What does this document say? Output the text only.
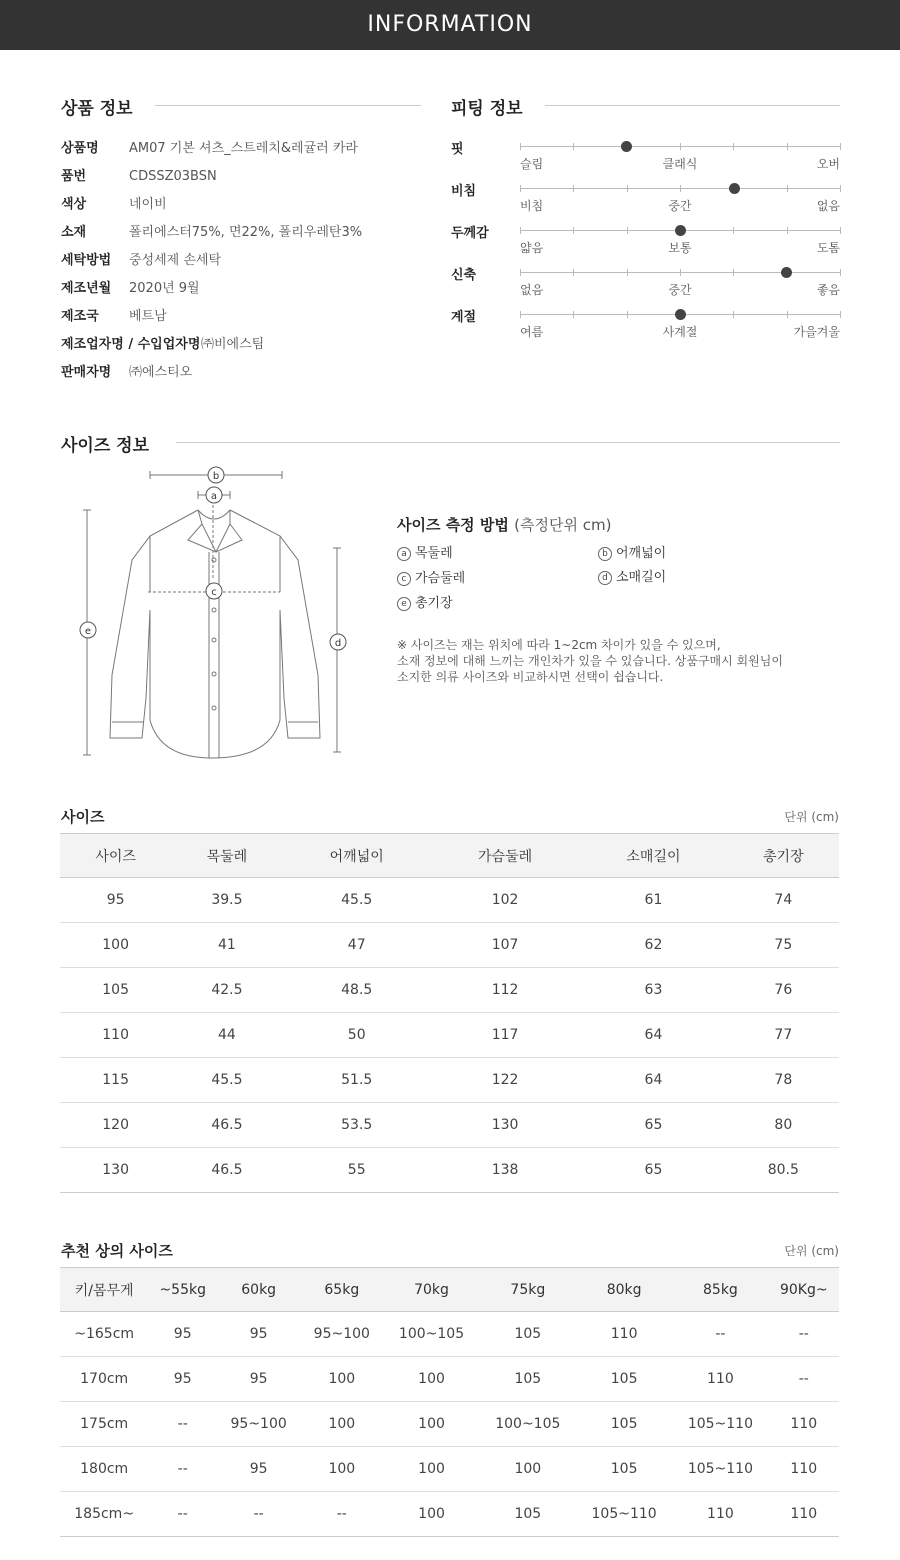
INFORMATION
상품 정보
상품명 AM07 기본 셔츠_스트레치&레귤러 카라
품번	CDSSZ03BSN
색상	네이비
소재	폴리에스터75%, 면22%, 폴리우레탄3%
세탁방법 중성세제 손세탁
제조년월 2020년 9월
제조국 베트남
제조업자명 / 수입업자명㈜비에스팀
판매자명 ㈜에스티오
피팅 정보
핏
슬림	클래식	오버
비침
비침	중간	없음
두께감
얇음	보통	도톰
신축
없음	중간	좋음
계절
여름	사계절	가을겨울
사이즈 정보
b
a
c
e
d
사이즈 측정 방법 (측정단위 cm)
a 목둘레	b 어깨넓이
c 가슴둘레	d 소매길이
e 총기장
※ 사이즈는 재는 위치에 따라 1~2cm 차이가 있을 수 있으며,
소재 정보에 대해 느끼는 개인차가 있을 수 있습니다. 상품구매시 회원님이
소지한 의류 사이즈와 비교하시면 선택이 쉽습니다.
사이즈	단위 (cm)
사이즈	목둘레	어깨넓이	가슴둘레	소매길이	총기장
95	39.5	45.5	102	61	74
100	41	47	107	62	75
105	42.5	48.5	112	63	76
110	44	50	117	64	77
115	45.5	51.5	122	64	78
120	46.5	53.5	130	65	80
130	46.5	55	138	65	80.5
추천 상의 사이즈	단위 (cm)
키/몸무게	~55kg	60kg	65kg	70kg	75kg	80kg	85kg	90Kg~
~165cm	95	95	95~100	100~105	105	110	--	--
170cm	95	95	100	100	105	105	110	--
175cm	--	95~100	100	100	100~105	105	105~110	110
180cm	--	95	100	100	100	105	105~110	110
185cm~	--	--	--	100	105	105~110	110	110
